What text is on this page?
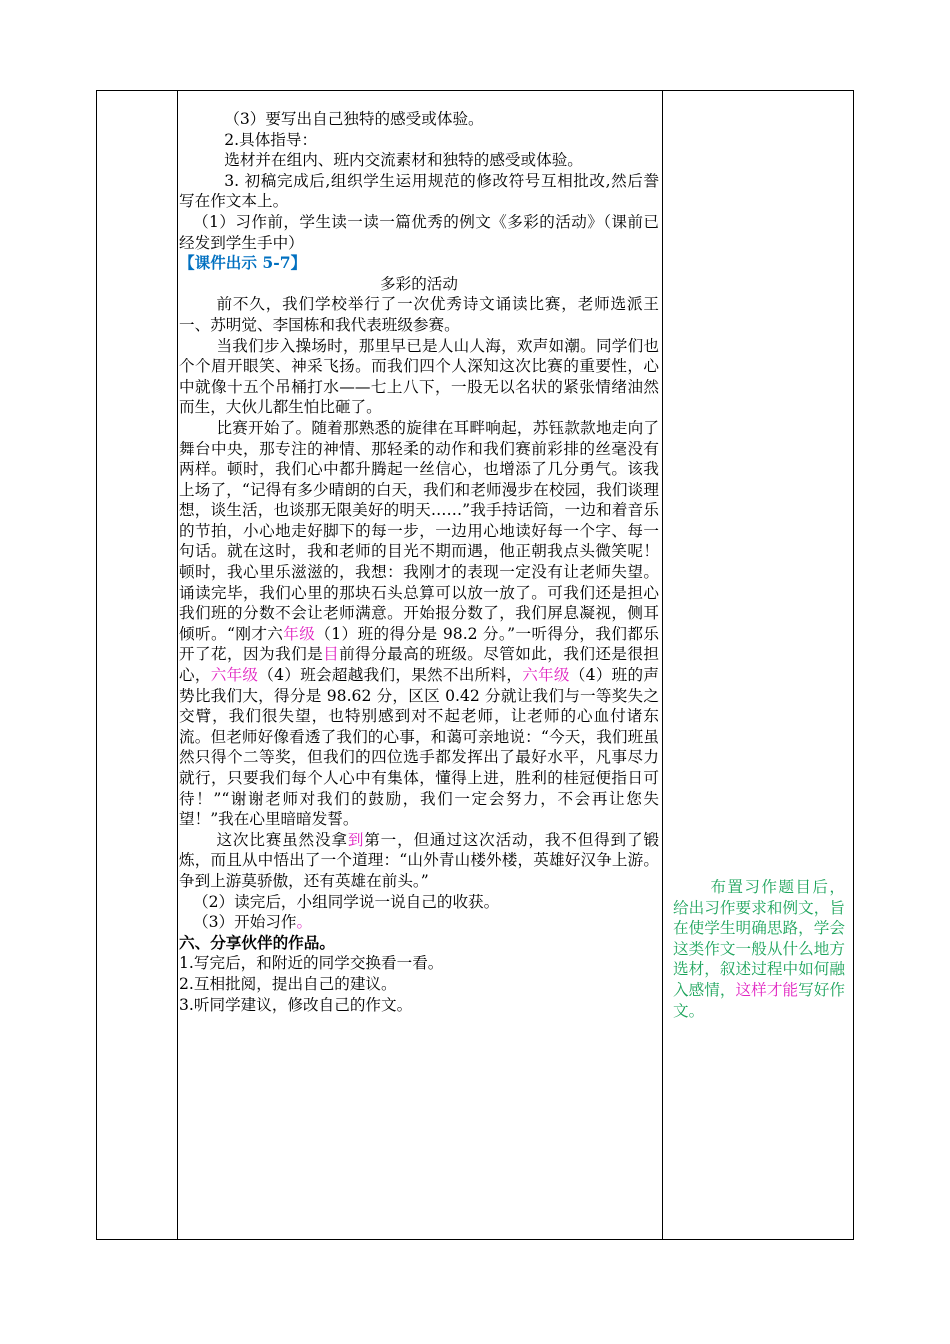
（3）要写出自己独特的感受或体验。

2.具体指导：

选材并在组内、班内交流素材和独特的感受或体验。

3. 初稿完成后,组织学生运用规范的修改符号互相批改,然后誊写在作文本上。

（1）习作前，学生读一读一篇优秀的例文《多彩的活动》（课前已经发到学生手中）

【课件出示 5-7】

多彩的活动

前不久，我们学校举行了一次优秀诗文诵读比赛，老师选派王一、苏明觉、李国栋和我代表班级参赛。

当我们步入操场时，那里早已是人山人海，欢声如潮。同学们也个个眉开眼笑、神采飞扬。而我们四个人深知这次比赛的重要性，心中就像十五个吊桶打水——七上八下，一股无以名状的紧张情绪油然而生，大伙儿都生怕比砸了。

比赛开始了。随着那熟悉的旋律在耳畔响起，苏钰款款地走向了舞台中央，那专注的神情、那轻柔的动作和我们赛前彩排的丝毫没有两样。顿时，我们心中都升腾起一丝信心，也增添了几分勇气。该我上场了，“记得有多少晴朗的白天，我们和老师漫步在校园，我们谈理想，谈生活，也谈那无限美好的明天……”我手持话筒，一边和着音乐的节拍，小心地走好脚下的每一步，一边用心地读好每一个字、每一句话。就在这时，我和老师的目光不期而遇，他正朝我点头微笑呢！顿时，我心里乐滋滋的，我想：我刚才的表现一定没有让老师失望。诵读完毕，我们心里的那块石头总算可以放一放了。可我们还是担心我们班的分数不会让老师满意。开始报分数了，我们屏息凝视，侧耳倾听。“刚才六年级（1）班的得分是 98.2 分。”一听得分，我们都乐开了花，因为我们是目前得分最高的班级。尽管如此，我们还是很担心，六年级（4）班会超越我们，果然不出所料，六年级（4）班的声势比我们大，得分是 98.62 分，区区 0.42 分就让我们与一等奖失之交臂，我们很失望，也特别感到对不起老师，让老师的心血付诸东流。但老师好像看透了我们的心事，和蔼可亲地说：“今天，我们班虽然只得个二等奖，但我们的四位选手都发挥出了最好水平，凡事尽力就行，只要我们每个人心中有集体，懂得上进，胜利的桂冠便指日可待！”“谢谢老师对我们的鼓励，我们一定会努力，不会再让您失望！”我在心里暗暗发誓。

这次比赛虽然没拿到第一，但通过这次活动，我不但得到了锻炼，而且从中悟出了一个道理：“山外青山楼外楼，英雄好汉争上游。争到上游莫骄傲，还有英雄在前头。”

（2）读完后，小组同学说一说自己的收获。

（3）开始习作。

六、分享伙伴的作品。

1.写完后，和附近的同学交换看一看。

2.互相批阅，提出自己的建议。

3.听同学建议，修改自己的作文。

布置习作题目后，给出习作要求和例文，旨在使学生明确思路，学会这类作文一般从什么地方选材，叙述过程中如何融入感情，这样才能写好作文。
